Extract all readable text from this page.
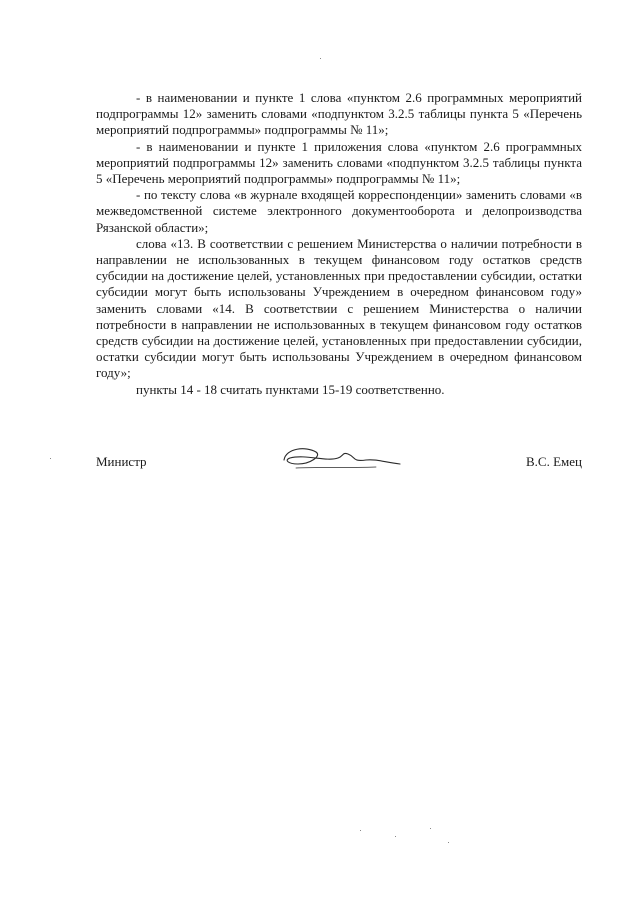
- в наименовании и пункте 1 слова «пунктом 2.6 программных мероприятий подпрограммы 12» заменить словами «подпунктом 3.2.5 таблицы пункта 5 «Перечень мероприятий подпрограммы» подпрограммы № 11»;

- в наименовании и пункте 1 приложения слова «пунктом 2.6 программных мероприятий подпрограммы 12» заменить словами «подпунктом 3.2.5 таблицы пункта 5 «Перечень мероприятий подпрограммы» подпрограммы № 11»;

- по тексту слова «в журнале входящей корреспонденции» заменить словами «в межведомственной системе электронного документооборота и делопроизводства Рязанской области»;

слова «13. В соответствии с решением Министерства о наличии потребности в направлении не использованных в текущем финансовом году остатков средств субсидии на достижение целей, установленных при предоставлении субсидии, остатки субсидии могут быть использованы Учреждением в очередном финансовом году» заменить словами «14. В соответствии с решением Министерства о наличии потребности в направлении не использованных в текущем финансовом году остатков средств субсидии на достижение целей, установленных при предоставлении субсидии, остатки субсидии могут быть использованы Учреждением в очередном финансовом году»;

пункты 14 - 18 считать пунктами 15-19 соответственно.

Министр	В.С. Емец
